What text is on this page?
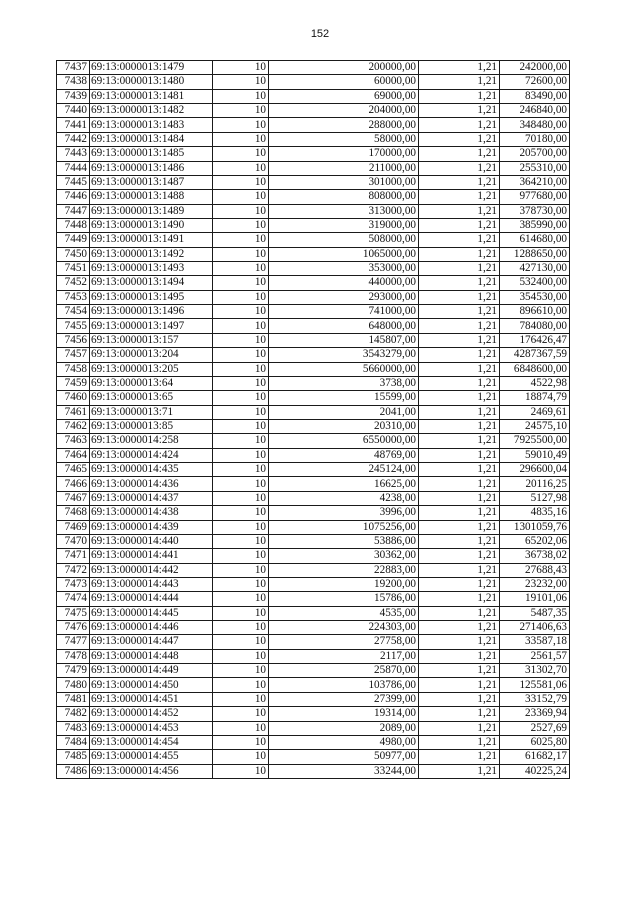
152
7437	69:13:0000013:1479	10	200000,00	1,21	242000,00
7438	69:13:0000013:1480	10	60000,00	1,21	72600,00
7439	69:13:0000013:1481	10	69000,00	1,21	83490,00
7440	69:13:0000013:1482	10	204000,00	1,21	246840,00
7441	69:13:0000013:1483	10	288000,00	1,21	348480,00
7442	69:13:0000013:1484	10	58000,00	1,21	70180,00
7443	69:13:0000013:1485	10	170000,00	1,21	205700,00
7444	69:13:0000013:1486	10	211000,00	1,21	255310,00
7445	69:13:0000013:1487	10	301000,00	1,21	364210,00
7446	69:13:0000013:1488	10	808000,00	1,21	977680,00
7447	69:13:0000013:1489	10	313000,00	1,21	378730,00
7448	69:13:0000013:1490	10	319000,00	1,21	385990,00
7449	69:13:0000013:1491	10	508000,00	1,21	614680,00
7450	69:13:0000013:1492	10	1065000,00	1,21	1288650,00
7451	69:13:0000013:1493	10	353000,00	1,21	427130,00
7452	69:13:0000013:1494	10	440000,00	1,21	532400,00
7453	69:13:0000013:1495	10	293000,00	1,21	354530,00
7454	69:13:0000013:1496	10	741000,00	1,21	896610,00
7455	69:13:0000013:1497	10	648000,00	1,21	784080,00
7456	69:13:0000013:157	10	145807,00	1,21	176426,47
7457	69:13:0000013:204	10	3543279,00	1,21	4287367,59
7458	69:13:0000013:205	10	5660000,00	1,21	6848600,00
7459	69:13:0000013:64	10	3738,00	1,21	4522,98
7460	69:13:0000013:65	10	15599,00	1,21	18874,79
7461	69:13:0000013:71	10	2041,00	1,21	2469,61
7462	69:13:0000013:85	10	20310,00	1,21	24575,10
7463	69:13:0000014:258	10	6550000,00	1,21	7925500,00
7464	69:13:0000014:424	10	48769,00	1,21	59010,49
7465	69:13:0000014:435	10	245124,00	1,21	296600,04
7466	69:13:0000014:436	10	16625,00	1,21	20116,25
7467	69:13:0000014:437	10	4238,00	1,21	5127,98
7468	69:13:0000014:438	10	3996,00	1,21	4835,16
7469	69:13:0000014:439	10	1075256,00	1,21	1301059,76
7470	69:13:0000014:440	10	53886,00	1,21	65202,06
7471	69:13:0000014:441	10	30362,00	1,21	36738,02
7472	69:13:0000014:442	10	22883,00	1,21	27688,43
7473	69:13:0000014:443	10	19200,00	1,21	23232,00
7474	69:13:0000014:444	10	15786,00	1,21	19101,06
7475	69:13:0000014:445	10	4535,00	1,21	5487,35
7476	69:13:0000014:446	10	224303,00	1,21	271406,63
7477	69:13:0000014:447	10	27758,00	1,21	33587,18
7478	69:13:0000014:448	10	2117,00	1,21	2561,57
7479	69:13:0000014:449	10	25870,00	1,21	31302,70
7480	69:13:0000014:450	10	103786,00	1,21	125581,06
7481	69:13:0000014:451	10	27399,00	1,21	33152,79
7482	69:13:0000014:452	10	19314,00	1,21	23369,94
7483	69:13:0000014:453	10	2089,00	1,21	2527,69
7484	69:13:0000014:454	10	4980,00	1,21	6025,80
7485	69:13:0000014:455	10	50977,00	1,21	61682,17
7486	69:13:0000014:456	10	33244,00	1,21	40225,24
